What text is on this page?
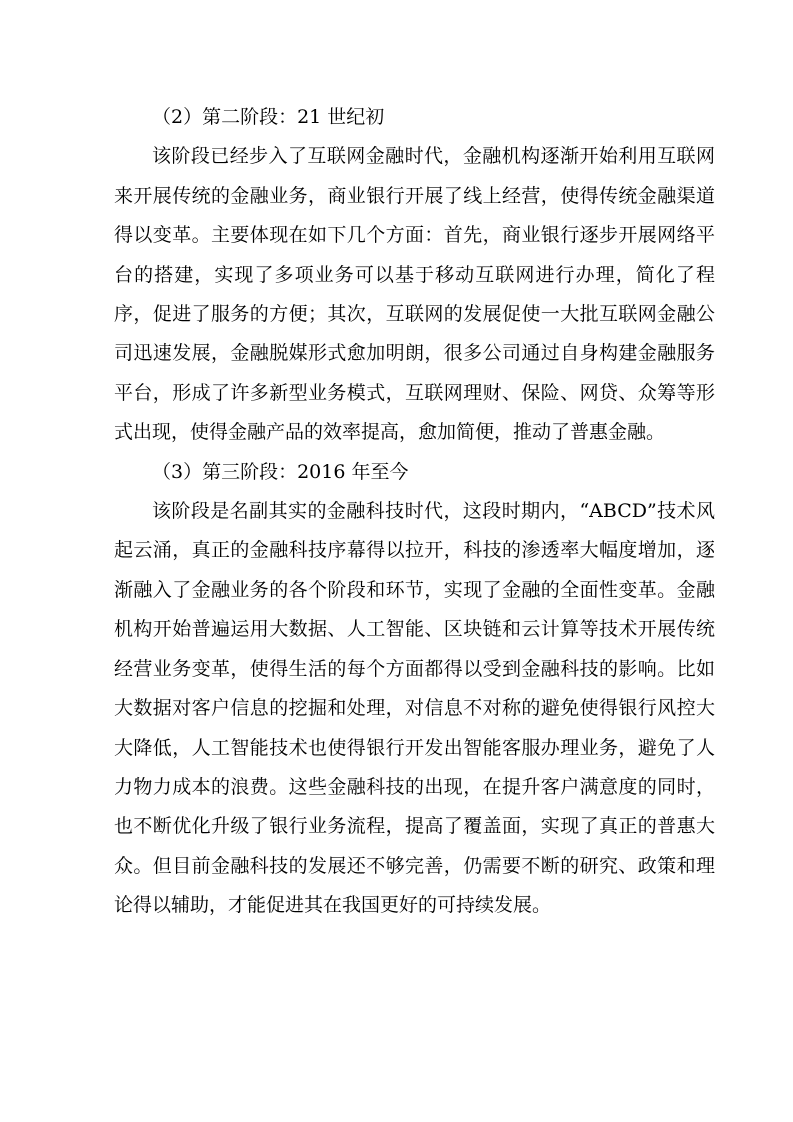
（2）第二阶段：21 世纪初

该阶段已经步入了互联网金融时代，金融机构逐渐开始利用互联网来开展传统的金融业务，商业银行开展了线上经营，使得传统金融渠道得以变革。主要体现在如下几个方面：首先，商业银行逐步开展网络平台的搭建，实现了多项业务可以基于移动互联网进行办理，简化了程序，促进了服务的方便；其次，互联网的发展促使一大批互联网金融公司迅速发展，金融脱媒形式愈加明朗，很多公司通过自身构建金融服务平台，形成了许多新型业务模式，互联网理财、保险、网贷、众筹等形式出现，使得金融产品的效率提高，愈加简便，推动了普惠金融。

（3）第三阶段：2016 年至今

该阶段是名副其实的金融科技时代，这段时期内，“ABCD”技术风起云涌，真正的金融科技序幕得以拉开，科技的渗透率大幅度增加，逐渐融入了金融业务的各个阶段和环节，实现了金融的全面性变革。金融机构开始普遍运用大数据、人工智能、区块链和云计算等技术开展传统经营业务变革，使得生活的每个方面都得以受到金融科技的影响。比如大数据对客户信息的挖掘和处理，对信息不对称的避免使得银行风控大大降低，人工智能技术也使得银行开发出智能客服办理业务，避免了人力物力成本的浪费。这些金融科技的出现，在提升客户满意度的同时，也不断优化升级了银行业务流程，提高了覆盖面，实现了真正的普惠大众。但目前金融科技的发展还不够完善，仍需要不断的研究、政策和理论得以辅助，才能促进其在我国更好的可持续发展。
